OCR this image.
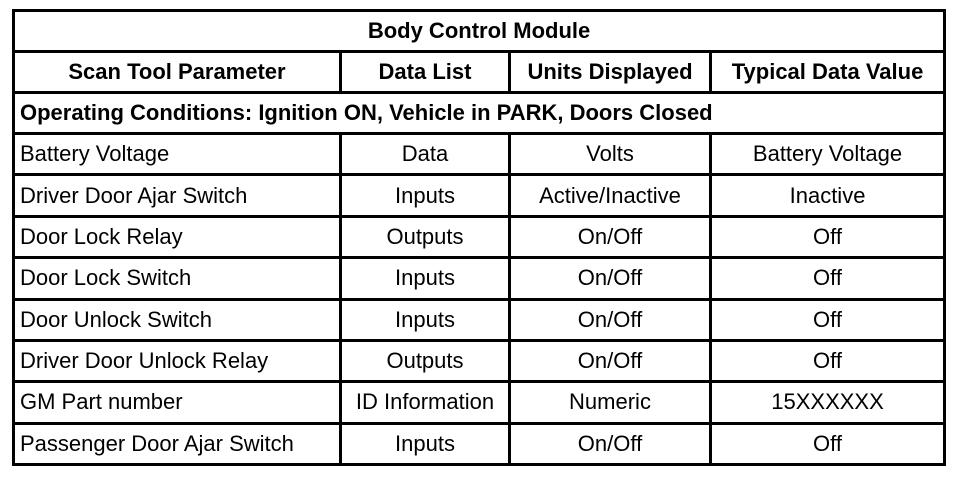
Body Control Module			
Scan Tool Parameter	Data List	Units Displayed	Typical Data Value
Operating Conditions: Ignition ON, Vehicle in PARK, Doors Closed			
Battery Voltage	Data	Volts	Battery Voltage
Driver Door Ajar Switch	Inputs	Active/Inactive	Inactive
Door Lock Relay	Outputs	On/Off	Off
Door Lock Switch	Inputs	On/Off	Off
Door Unlock Switch	Inputs	On/Off	Off
Driver Door Unlock Relay	Outputs	On/Off	Off
GM Part number	ID Information	Numeric	15XXXXXX
Passenger Door Ajar Switch	Inputs	On/Off	Off
